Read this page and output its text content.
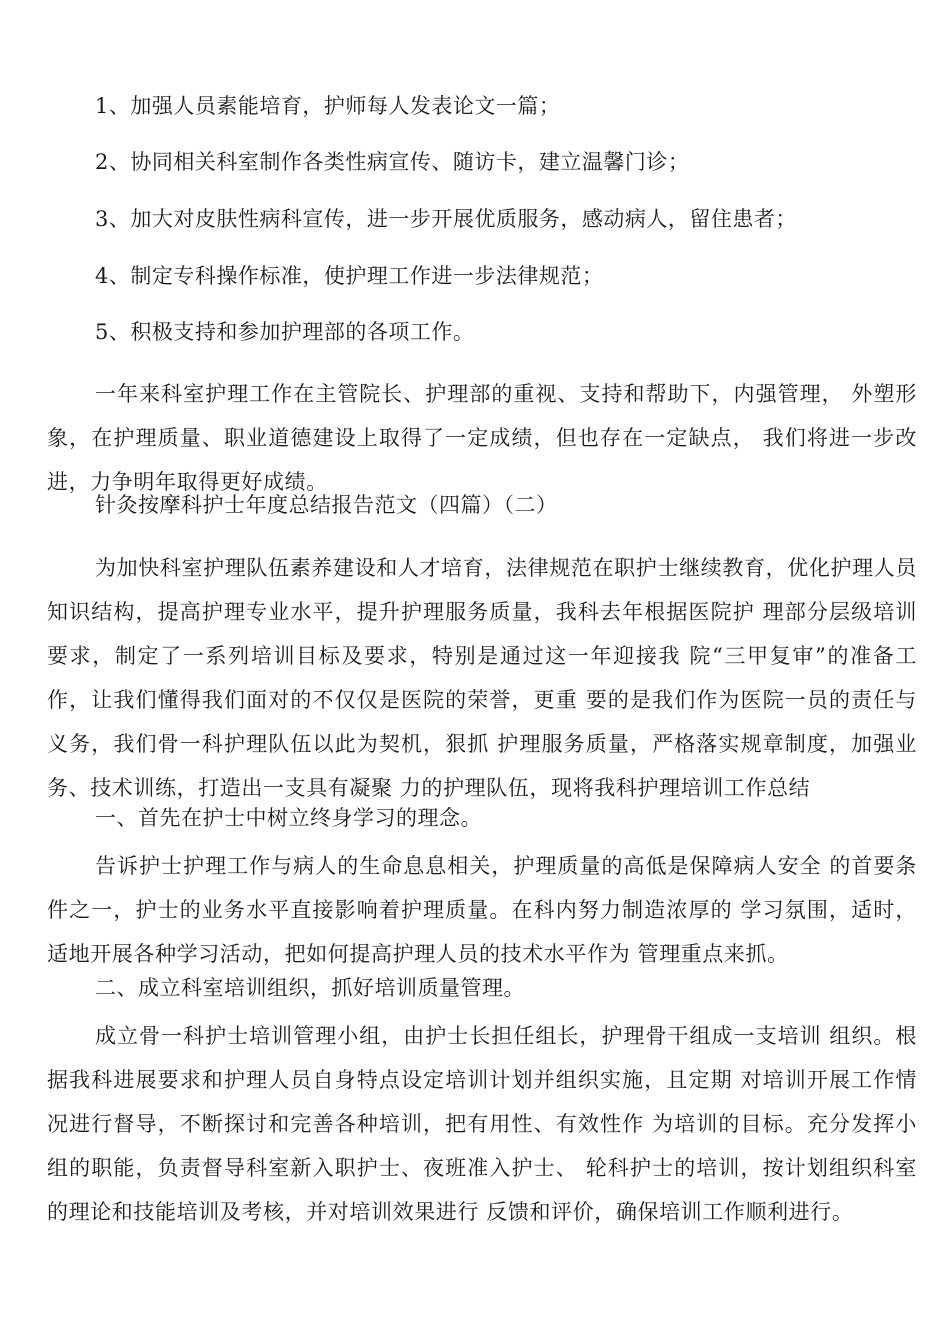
1、加强人员素能培育，护师每人发表论文一篇；
2、协同相关科室制作各类性病宣传、随访卡，建立温馨门诊；
3、加大对皮肤性病科宣传，进一步开展优质服务，感动病人，留住患者；
4、制定专科操作标准，使护理工作进一步法律规范；
5、积极支持和参加护理部的各项工作。
一年来科室护理工作在主管院长、护理部的重视、支持和帮助下，内强管理， 外塑形象，在护理质量、职业道德建设上取得了一定成绩，但也存在一定缺点， 我们将进一步改进，力争明年取得更好成绩。
针灸按摩科护士年度总结报告范文（四篇）（二）
为加快科室护理队伍素养建设和人才培育，法律规范在职护士继续教育，优化护理人员知识结构，提高护理专业水平，提升护理服务质量，我科去年根据医院护 理部分层级培训要求，制定了一系列培训目标及要求，特别是通过这一年迎接我 院“三甲复审”的准备工作，让我们懂得我们面对的不仅仅是医院的荣誉，更重 要的是我们作为医院一员的责任与义务，我们骨一科护理队伍以此为契机，狠抓 护理服务质量，严格落实规章制度，加强业务、技术训练，打造出一支具有凝聚 力的护理队伍，现将我科护理培训工作总结
一、首先在护士中树立终身学习的理念。
告诉护士护理工作与病人的生命息息相关，护理质量的高低是保障病人安全 的首要条件之一，护士的业务水平直接影响着护理质量。在科内努力制造浓厚的 学习氛围，适时，适地开展各种学习活动，把如何提高护理人员的技术水平作为 管理重点来抓。
二、成立科室培训组织，抓好培训质量管理。
成立骨一科护士培训管理小组，由护士长担任组长，护理骨干组成一支培训 组织。根据我科进展要求和护理人员自身特点设定培训计划并组织实施，且定期 对培训开展工作情况进行督导，不断探讨和完善各种培训，把有用性、有效性作 为培训的目标。充分发挥小组的职能，负责督导科室新入职护士、夜班准入护士、 轮科护士的培训，按计划组织科室的理论和技能培训及考核，并对培训效果进行 反馈和评价，确保培训工作顺利进行。
